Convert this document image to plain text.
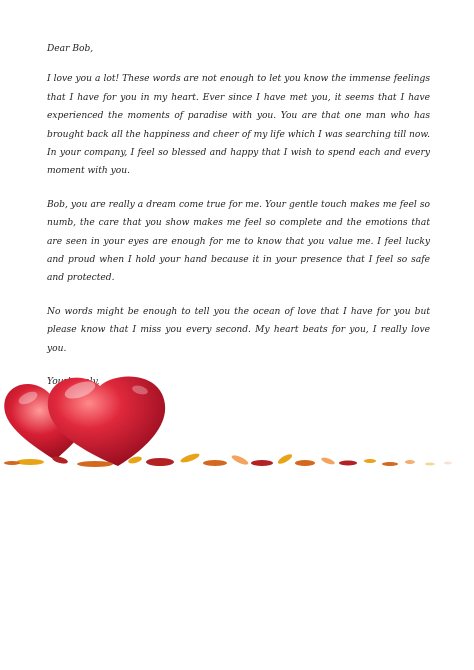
Dear Bob,

I love you a lot! These words are not enough to let you know the immense feelings that I have for you in my heart. Ever since I have met you, it seems that I have experienced the moments of paradise with you. You are that one man who has brought back all the happiness and cheer of my life which I was searching till now. In your company, I feel so blessed and happy that I wish to spend each and every moment with you.

Bob, you are really a dream come true for me. Your gentle touch makes me feel so numb, the care that you show makes me feel so complete and the emotions that are seen in your eyes are enough for me to know that you value me. I feel lucky and proud when I hold your hand because it in your presence that I feel so safe and protected.

No words might be enough to tell you the ocean of love that I have for you but please know that I miss you every second. My heart beats for you, I really love you.
